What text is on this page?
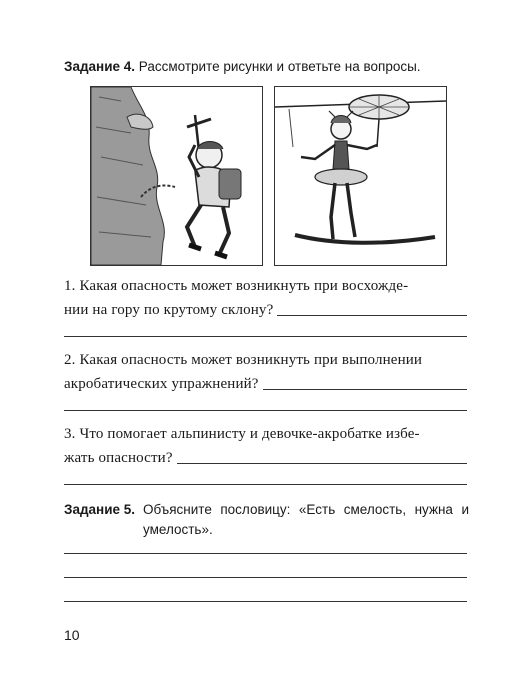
Задание 4. Рассмотрите рисунки и ответьте на вопросы.
1. Какая опасность может возникнуть при восхожде-
нии на гору по крутому склону?
2. Какая опасность может возникнуть при выполнении
акробатических упражнений?
3. Что помогает альпинисту и девочке-акробатке избе-
жать опасности?
Задание 5. Объясните пословицу: «Есть смелость, нужна и умелость».
10
